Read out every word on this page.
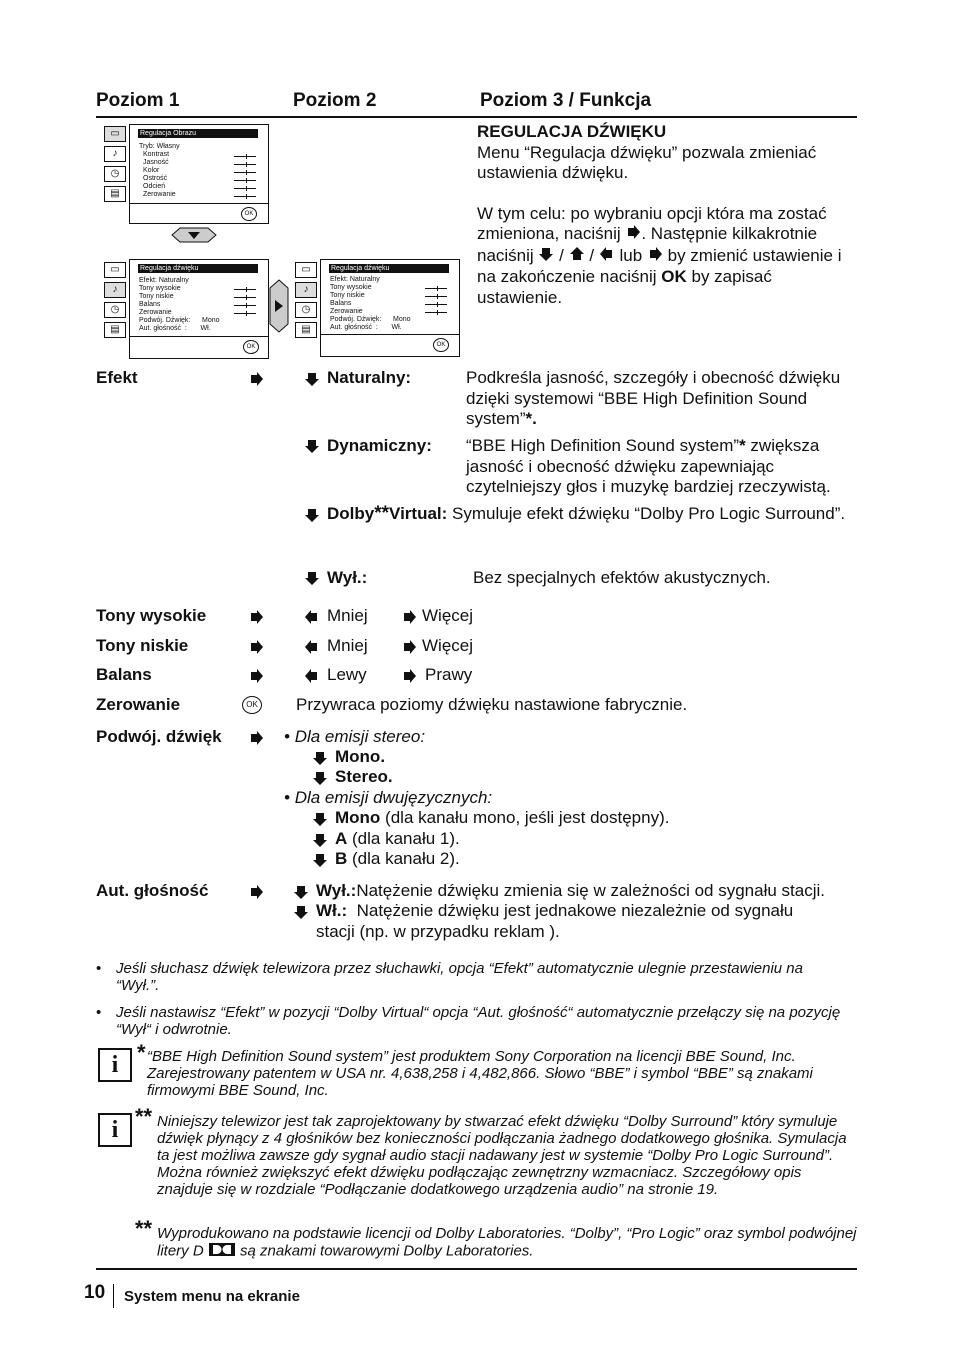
Poziom 1	Poziom 2	Poziom 3 / Funkcja
▭
♪
◷
▤
Regulacja Obrazu
Tryb: Własny
Kontrast
Jasność
Kolor
Ostrość
Odcień
Zerowanie
OK
▭
♪
◷
▤
Regulacja dźwięku
Efekt: Naturalny
Tony wysokie
Tony niskie
Balans
Zerowanie
Podwój. Dźwięk:      Mono
Aut. głośność  :       Wł.
OK
▭
♪
◷
▤
Regulacja dźwięku
Efekt: Naturalny
Tony wysokie
Tony niskie
Balans
Zerowanie
Podwój. Dźwięk:      Mono
Aut. głośność  :       Wł.
OK
REGULACJA DŹWIĘKU
Menu “Regulacja dźwięku” pozwala zmieniać ustawienia dźwięku.
W tym celu: po wybraniu opcji która ma zostać zmieniona, naciśnij . Następnie kilkakrotnie naciśnij  /  /  lub  by zmienić ustawienie i na zakończenie naciśnij OK by zapisać ustawienie.
Efekt	Naturalny:	Podkreśla jasność, szczegóły i obecność dźwięku dzięki systemowi “BBE High Definition Sound system”*.
Dynamiczny: “BBE High Definition Sound system”* zwiększa jasność i obecność dźwięku zapewniając czytelniejszy głos i muzykę bardziej rzeczywistą.
Dolby**Virtual: Symuluje efekt dźwięku “Dolby Pro Logic Surround”.
Wył.:	Bez specjalnych efektów akustycznych.
Tony wysokie	Mniej	Więcej
Tony niskie	Mniej	Więcej
Balans	Lewy	Prawy
Zerowanie	OK Przywraca poziomy dźwięku nastawione fabrycznie.
Podwój. dźwięk	• Dla emisji stereo:
Mono.
Stereo.
• Dla emisji dwujęzycznych:
Mono (dla kanału mono, jeśli jest dostępny).
A (dla kanału 1).
B (dla kanału 2).
Aut. głośność	Wył.:Natężenie dźwięku zmienia się w zależności od sygnału stacji.
Wł.:  Natężenie dźwięku jest jednakowe niezależnie od sygnału stacji (np. w przypadku reklam ).
• Jeśli słuchasz dźwięk telewizora przez słuchawki, opcja “Efekt” automatycznie ulegnie przestawieniu na “Wył.”.
• Jeśli nastawisz “Efekt” w pozycji “Dolby Virtual“ opcja “Aut. głośność“ automatycznie przełączy się na pozycję “Wył“ i odwrotnie.
i * “BBE High Definition Sound system” jest produktem Sony Corporation na licencji BBE Sound, Inc. Zarejestrowany patentem w USA nr. 4,638,258 i 4,482,866. Słowo “BBE” i symbol “BBE” są znakami firmowymi BBE Sound, Inc.
i
** Niniejszy telewizor jest tak zaprojektowany by stwarzać efekt dźwięku “Dolby Surround” który symuluje dźwięk płynący z 4 głośników bez konieczności podłączania żadnego dodatkowego głośnika. Symulacja ta jest możliwa zawsze gdy sygnał audio stacji nadawany jest w systemie “Dolby Pro Logic Surround”. Można również zwiększyć efekt dźwięku podłączając zewnętrzny wzmacniacz. Szczegółowy opis znajduje się w rozdziale “Podłączanie dodatkowego urządzenia audio” na stronie 19.
** Wyprodukowano na podstawie licencji od Dolby Laboratories. “Dolby”, “Pro Logic” oraz symbol podwójnej litery D  są znakami towarowymi Dolby Laboratories.
10 System menu na ekranie
